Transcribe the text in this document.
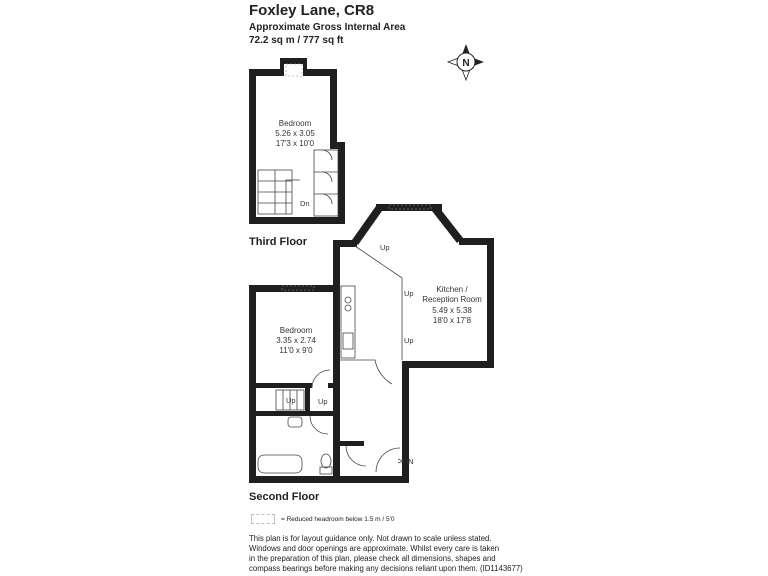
Foxley Lane, CR8
Approximate Gross Internal Area
72.2 sq m / 777 sq ft
N
Bedroom
5.26 x 3.05
17'3 x 10'0
Dn
Kitchen /
Reception Room
5.49 x 5.38
18'0 x 17'8
Bedroom
3.35 x 2.74
11'0 x 9'0
Up
Up
Up
Up	Up
IN
Third Floor
Second Floor
= Reduced headroom below 1.5 m / 5'0
This plan is for layout guidance only. Not drawn to scale unless stated.
Windows and door openings are approximate. Whilst every care is taken
in the preparation of this plan, please check all dimensions, shapes and
compass bearings before making any decisions reliant upon them. (ID1143677)
